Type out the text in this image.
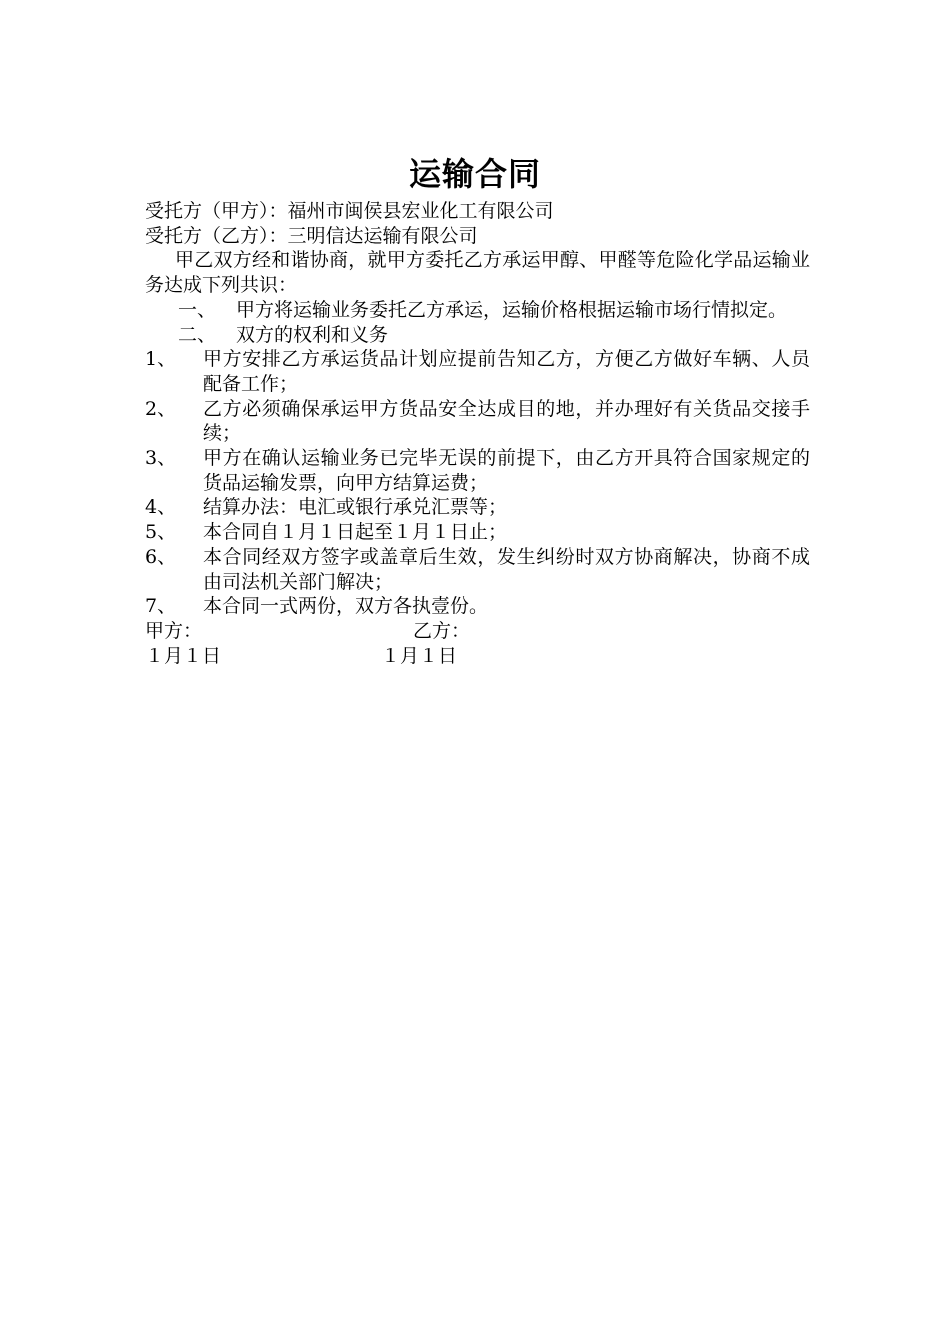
运输合同
受托方（甲方）：福州市闽侯县宏业化工有限公司
受托方（乙方）：三明信达运输有限公司
甲乙双方经和谐协商，就甲方委托乙方承运甲醇、甲醛等危险化学品运输业务达成下列共识：
一、	甲方将运输业务委托乙方承运，运输价格根据运输市场行情拟定。
二、	双方的权利和义务
1、	甲方安排乙方承运货品计划应提前告知乙方，方便乙方做好车辆、人员配备工作；
2、	乙方必须确保承运甲方货品安全达成目的地，并办理好有关货品交接手续；
3、	甲方在确认运输业务已完毕无误的前提下，由乙方开具符合国家规定的货品运输发票，向甲方结算运费；
4、	结算办法：电汇或银行承兑汇票等；
5、	本合同自１月１日起至１月１日止；
6、	本合同经双方签字或盖章后生效，发生纠纷时双方协商解决，协商不成由司法机关部门解决；
7、	本合同一式两份，双方各执壹份。
甲方：	乙方：
１月１日	１月１日
